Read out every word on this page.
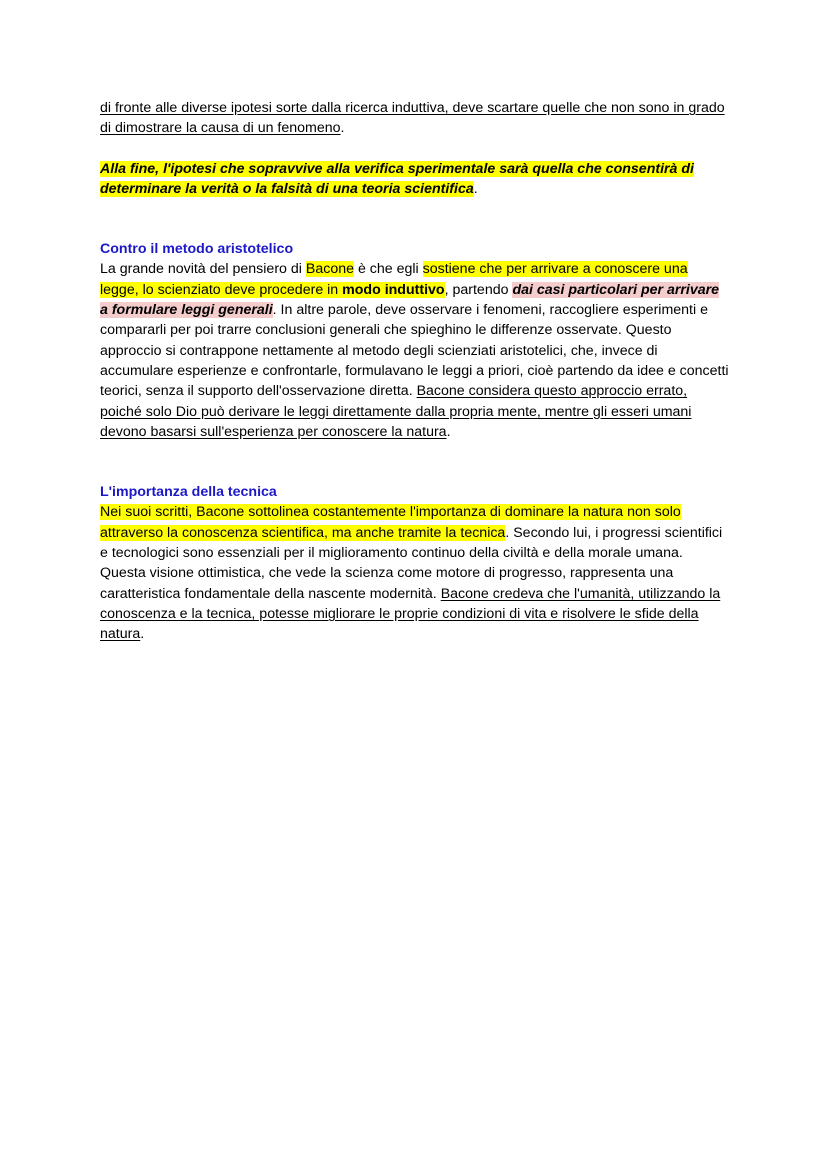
di fronte alle diverse ipotesi sorte dalla ricerca induttiva, deve scartare quelle che non sono in grado di dimostrare la causa di un fenomeno.

Alla fine, l'ipotesi che sopravvive alla verifica sperimentale sarà quella che consentirà di determinare la verità o la falsità di una teoria scientifica.

Contro il metodo aristotelico

La grande novità del pensiero di Bacone è che egli sostiene che per arrivare a conoscere una legge, lo scienziato deve procedere in modo induttivo, partendo dai casi particolari per arrivare a formulare leggi generali. In altre parole, deve osservare i fenomeni, raccogliere esperimenti e compararli per poi trarre conclusioni generali che spieghino le differenze osservate. Questo approccio si contrappone nettamente al metodo degli scienziati aristotelici, che, invece di accumulare esperienze e confrontarle, formulavano le leggi a priori, cioè partendo da idee e concetti teorici, senza il supporto dell'osservazione diretta. Bacone considera questo approccio errato, poiché solo Dio può derivare le leggi direttamente dalla propria mente, mentre gli esseri umani devono basarsi sull'esperienza per conoscere la natura.

L'importanza della tecnica

Nei suoi scritti, Bacone sottolinea costantemente l'importanza di dominare la natura non solo attraverso la conoscenza scientifica, ma anche tramite la tecnica. Secondo lui, i progressi scientifici e tecnologici sono essenziali per il miglioramento continuo della civiltà e della morale umana. Questa visione ottimistica, che vede la scienza come motore di progresso, rappresenta una caratteristica fondamentale della nascente modernità. Bacone credeva che l'umanità, utilizzando la conoscenza e la tecnica, potesse migliorare le proprie condizioni di vita e risolvere le sfide della natura.
